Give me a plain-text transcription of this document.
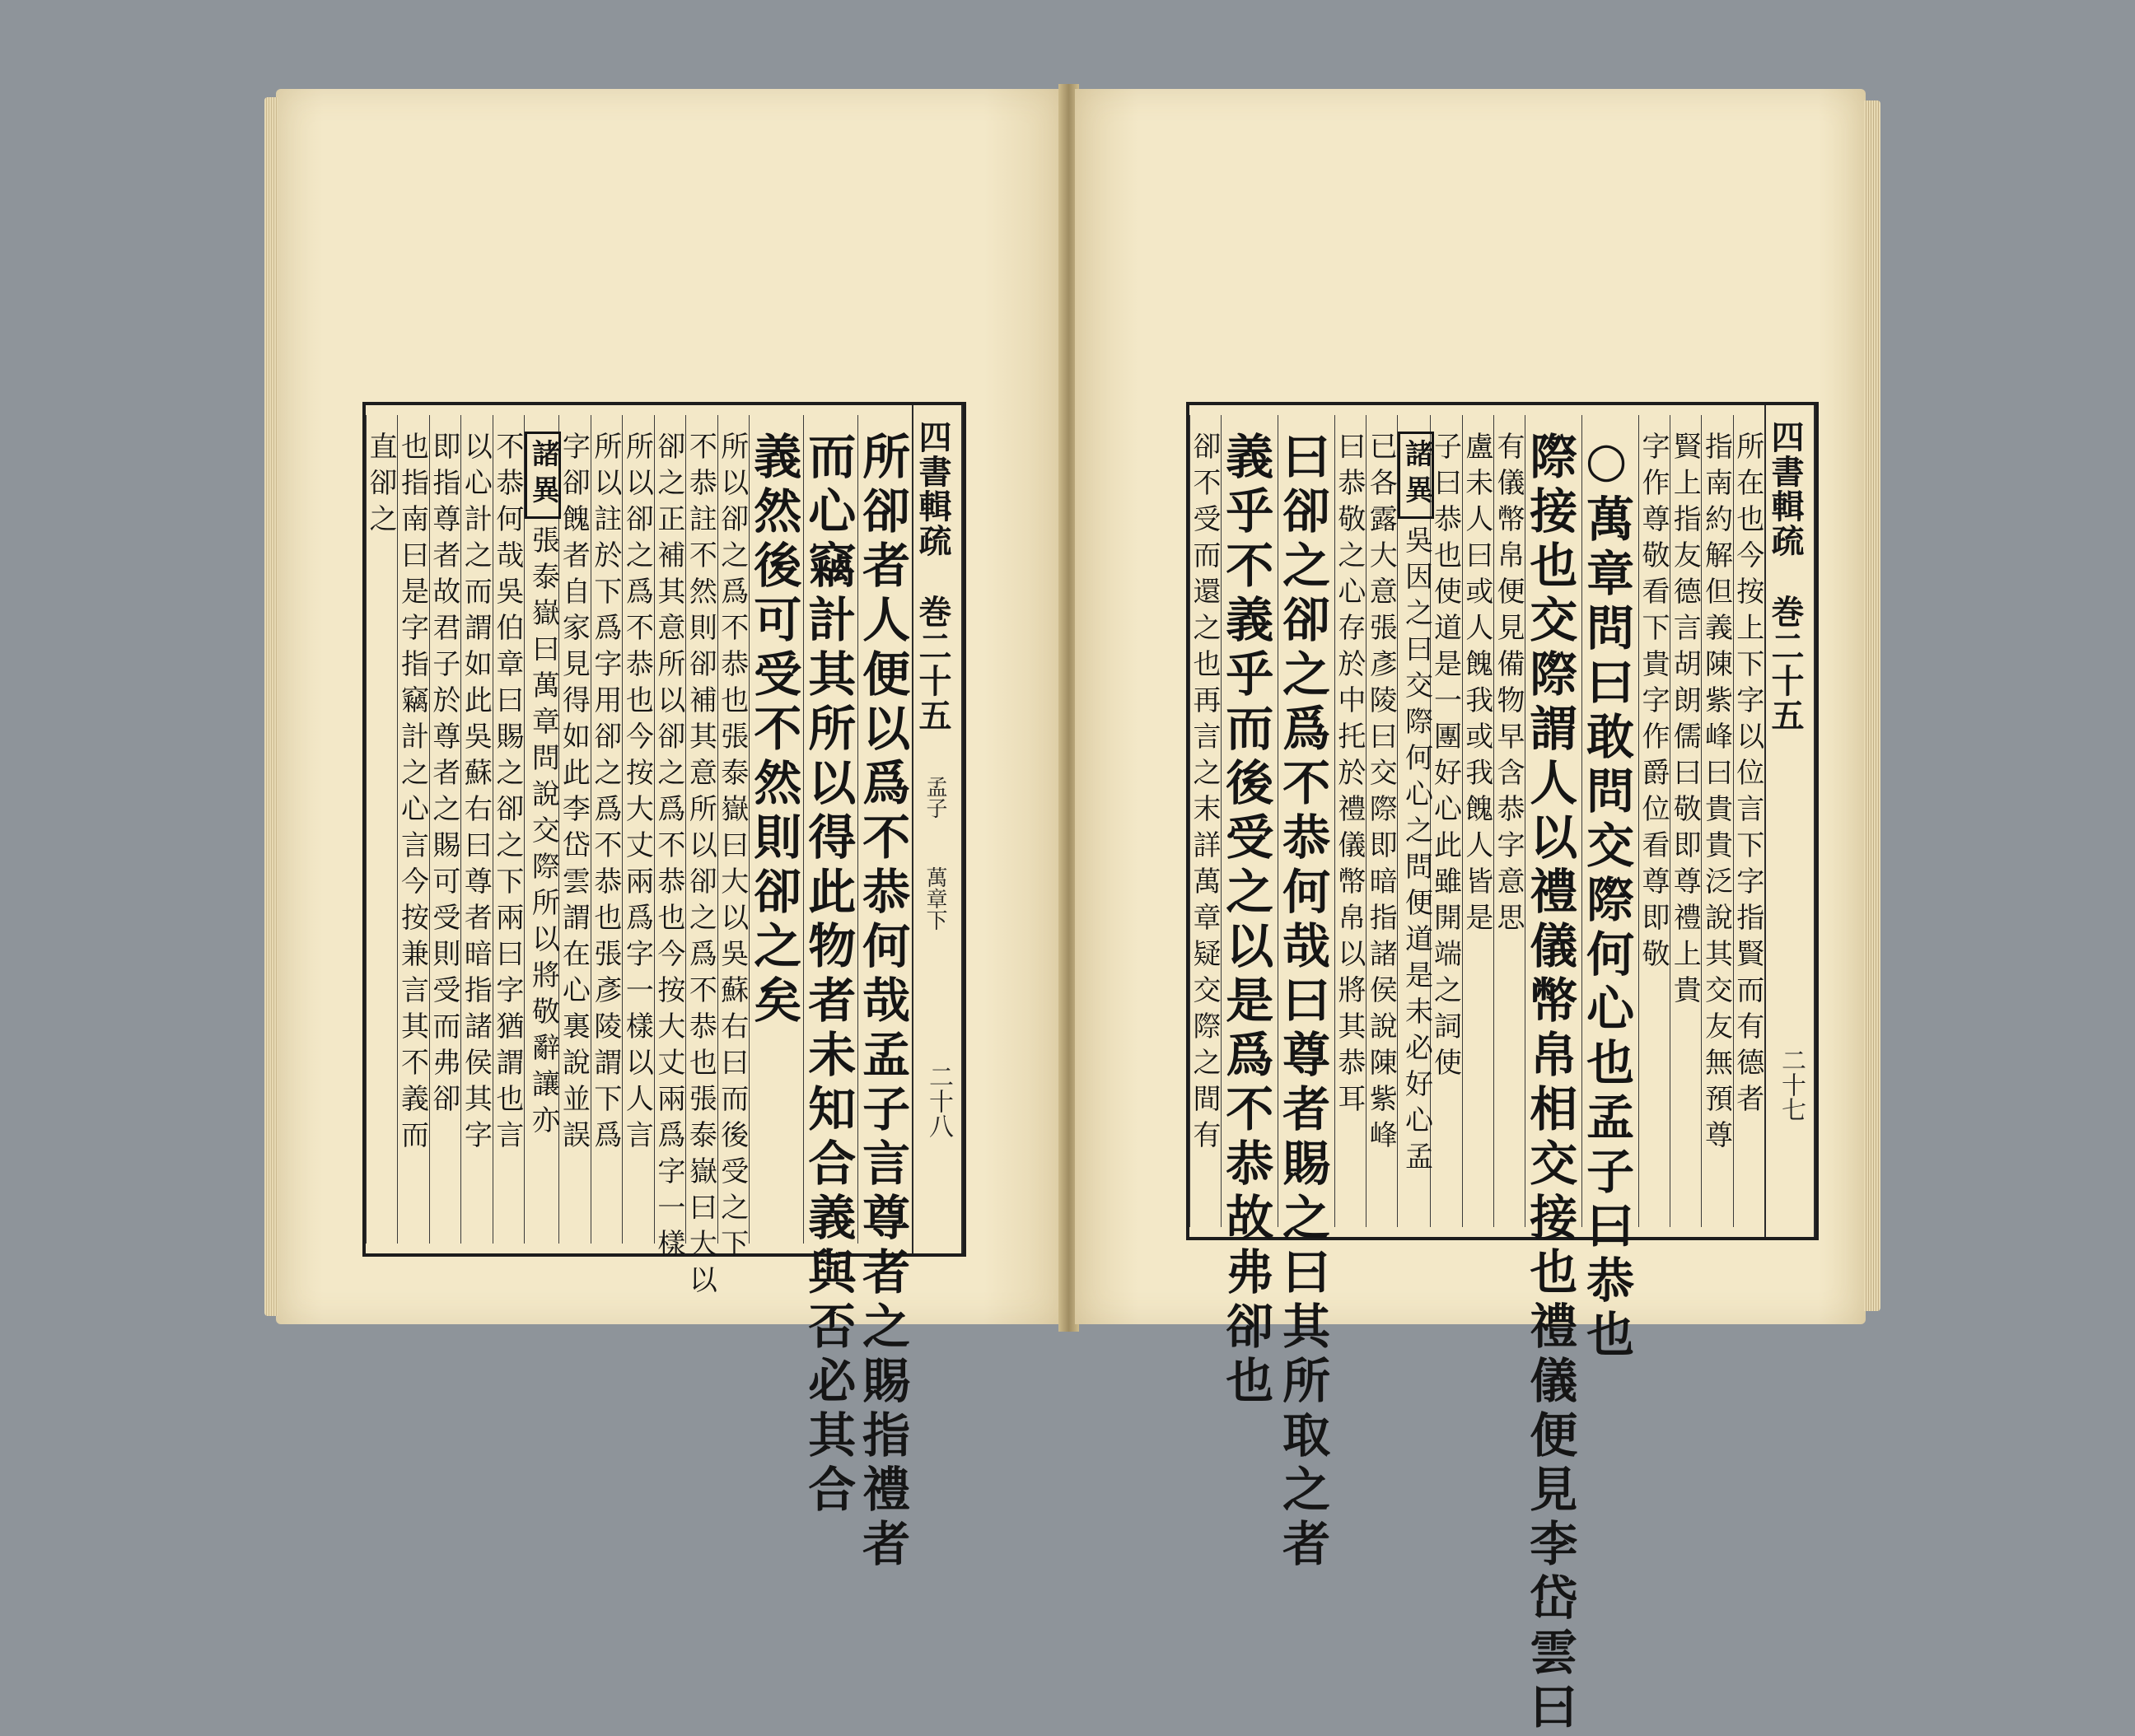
所卻者人便以爲不恭何哉孟子言尊者之賜指禮者
而心竊計其所以得此物者未知合義與否必其合
義然後可受不然則卻之矣
所以卻之爲不恭也張泰嶽曰大以吳蘇右曰而後受之下
不恭註不然則卻補其意所以卻之爲不恭也張泰嶽曰大以
卻之正補其意所以卻之爲不恭也今按大丈兩爲字一樣
所以卻之爲不恭也今按大丈兩爲字一樣以人言
所以註於下爲字用卻之爲不恭也張彥陵謂下爲
字卻餽者自家見得如此李岱雲謂在心裏說並誤
諸異張泰嶽曰萬章問說交際所以將敬辭讓亦
不恭何哉吳伯章曰賜之卻之下兩曰字猶謂也言
以心計之而謂如此吳蘇右曰尊者暗指諸侯其字
即指尊者故君子於尊者之賜可受則受而弗卻
也指南曰是字指竊計之心言今按兼言其不義而
直卻之	四書輯疏
巻二十五
孟子
萬章下
二十八	所在也今按上下字以位言下字指賢而有德者
指南約解但義陳紫峰曰貴貴泛說其交友無預尊
賢上指友德言胡朗儒曰敬即尊禮上貴
字作尊敬看下貴字作爵位看尊即敬
○萬章問曰敢問交際何心也孟子曰恭也
際接也交際謂人以禮儀幣帛相交接也禮儀便見李岱雲曰
有儀幣帛便見備物早含恭字意思
盧未人曰或人餽我或我餽人皆是
子曰恭也使道是一團好心此雖開端之詞使
諸異吳因之曰交際何心之問便道是未必好心孟
已各露大意張彥陵曰交際即暗指諸侯說陳紫峰
曰恭敬之心存於中托於禮儀幣帛以將其恭耳
曰卻之卻之爲不恭何哉曰尊者賜之曰其所取之者
義乎不義乎而後受之以是爲不恭故弗卻也
卻不受而還之也再言之末詳萬章疑交際之間有	四書輯疏
巻二十五
二十七
